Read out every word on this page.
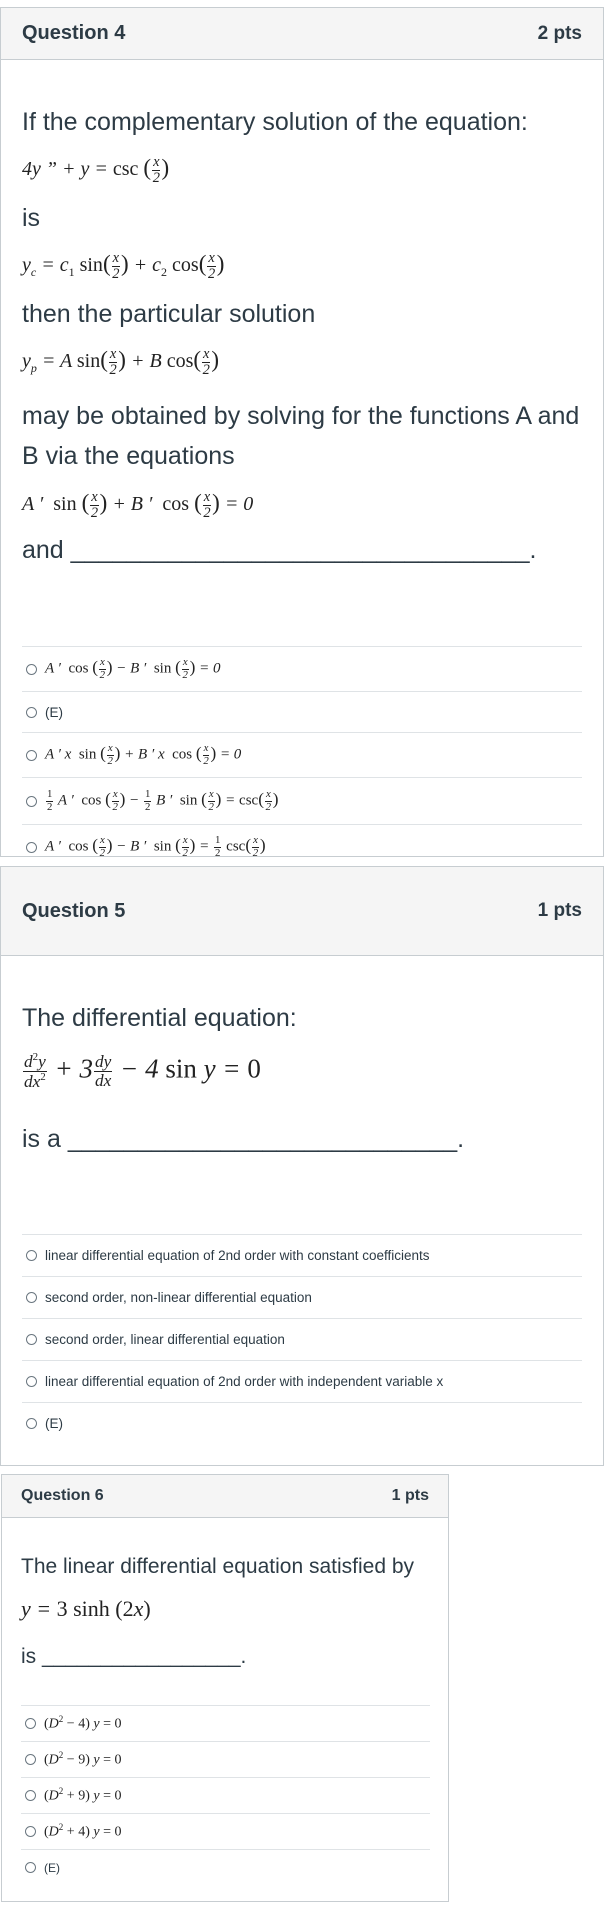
Question 4	2 pts
If the complementary solution of the equation:
4y ” + y = csc ( $\frac{x}{2}$ )
is
$y_c = c_1$ $\sin( \frac{x}{2}$ ) + $c_2$ $\cos( \frac{x}{2}$ )
then the particular solution
$y_p = A$ $\sin( \frac{x}{2}$ ) + B $\cos( \frac{x}{2}$ )
may be obtained by solving for the functions A and B via the equations
A ′  sin ( $\frac{x}{2}$ ) + B ′  cos ( $\frac{x}{2}$ ) = 0
and _________________________________.
A ′  cos ( $\frac{x}{2}$ ) − B ′  sin ( $\frac{x}{2}$ ) = 0
(E)
A ′ x  sin ( $\frac{x}{2}$ ) + B ′ x  cos ( $\frac{x}{2}$ ) = 0
$\frac{1}{2}$ A ′  cos ( $\frac{x}{2}$ ) − $\frac{1}{2}$ B ′  sin ( $\frac{x}{2}$ ) = $\csc( \frac{x}{2}$ )
A ′  cos ( $\frac{x}{2}$ ) − B ′  sin ( $\frac{x}{2}$ ) = $\frac{1}{2} \csc( \frac{x}{2}$ )
Question 5	1 pts
The differential equation:
$\frac{d^2y}{dx^2} + 3 \frac{dy}{dx} - 4$ sin y = 0
is a ____________________________.
linear differential equation of 2nd order with constant coefficients
second order, non-linear differential equation
second order, linear differential equation
linear differential equation of 2nd order with independent variable x
(E)
Question 6	1 pts
The linear differential equation satisfied by
y = 3 sinh (2x)
is _________________.
$(D^2 - 4) y = 0$
$(D^2 - 9) y = 0$
$(D^2 + 9) y = 0$
$(D^2 + 4) y = 0$
(E)
